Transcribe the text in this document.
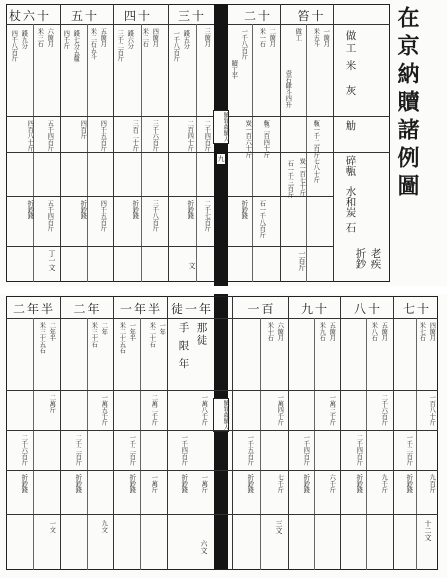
在京納贖諸例圖
笞十
二十
三十
四十
五十
杖六十
做工
米
灰
觔
碎甎
水和炭
石
老疾
折鈔
一箇月
米五斗
做工
壹石肆斗四升
甎一千二百斤七八十斤
炭一百七十斤
石一千三百斤
二箇月
米一石
一千八百斤
贖工半
甎二百四十斤
炭一百六十斤
石一千八百斤
折鈔錢
三箇月
錢五分
一千八百斤
二千四百斤
二百四十斤
二千七百斤
折鈔錢
四箇月
米二石
錢六分
三千二百斤
三千六百斤
三百二十斤
三千八百斤
折鈔錢
五箇月
米二石五斗
錢七分五釐
四千斤
四千五百斤
四百斤
四千五百斤
折鈔錢
六箇月
米三石
錢九分
四千八百斤
五千四百斤
四百八十斤
五千四百斤
折鈔錢
一百斤
丁一文	文
贖罪歲贖人
九
贖罪歲贖人
七十
八十
九十
一百
徒一年
一年半
二年
二年半
那徒
手
限
年
四箇月
米七石
一百八十斤
一千二百斤
九百斤
折鈔錢
五箇月
米八石
二千六百斤
二千四百斤
九千斤
折鈔錢
五箇月
米九石
一萬三千斤
一千四百斤
六千斤
折鈔錢
六箇月
米十石
一萬四千斤
一千五百斤
七千斤
折鈔錢
一年
米二十石
一萬八千斤
一千四百斤
一萬斤
折鈔錢
一年半
米二十五石
二萬二千斤
一千二百斤
一萬斤
折鈔錢
二年
米三十石
一萬五千斤
二千二百斤
九文
折鈔錢
二年半
米三十五石
二萬斤
二千六百斤
一文
折鈔錢
十二文
三文
六文
